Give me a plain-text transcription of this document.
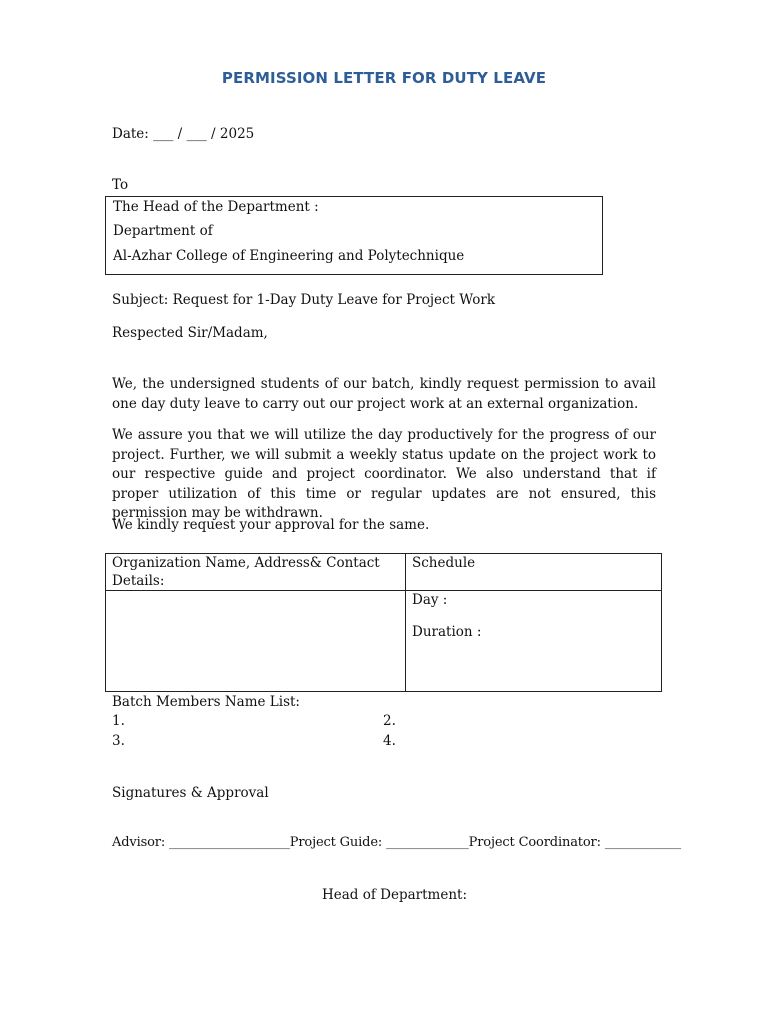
PERMISSION LETTER FOR DUTY LEAVE
Date: ___ / ___ / 2025
To
The Head of the Department :
Department of
Al-Azhar College of Engineering and Polytechnique
Subject: Request for 1-Day Duty Leave for Project Work
Respected Sir/Madam,
We, the undersigned students of our batch, kindly request permission to avail one day duty leave to carry out our project work at an external organization.
We assure you that we will utilize the day productively for the progress of our project. Further, we will submit a weekly status update on the project work to our respective guide and project coordinator. We also understand that if proper utilization of this time or regular updates are not ensured, this permission may be withdrawn.
We kindly request your approval for the same.
Organization Name, Address& Contact Details:	Schedule

	Day :
Duration :
Batch Members Name List:
1.	2.
3.	4.
Signatures & Approval
Advisor: ___________________Project Guide: _____________Project Coordinator: ____________
Head of Department:
